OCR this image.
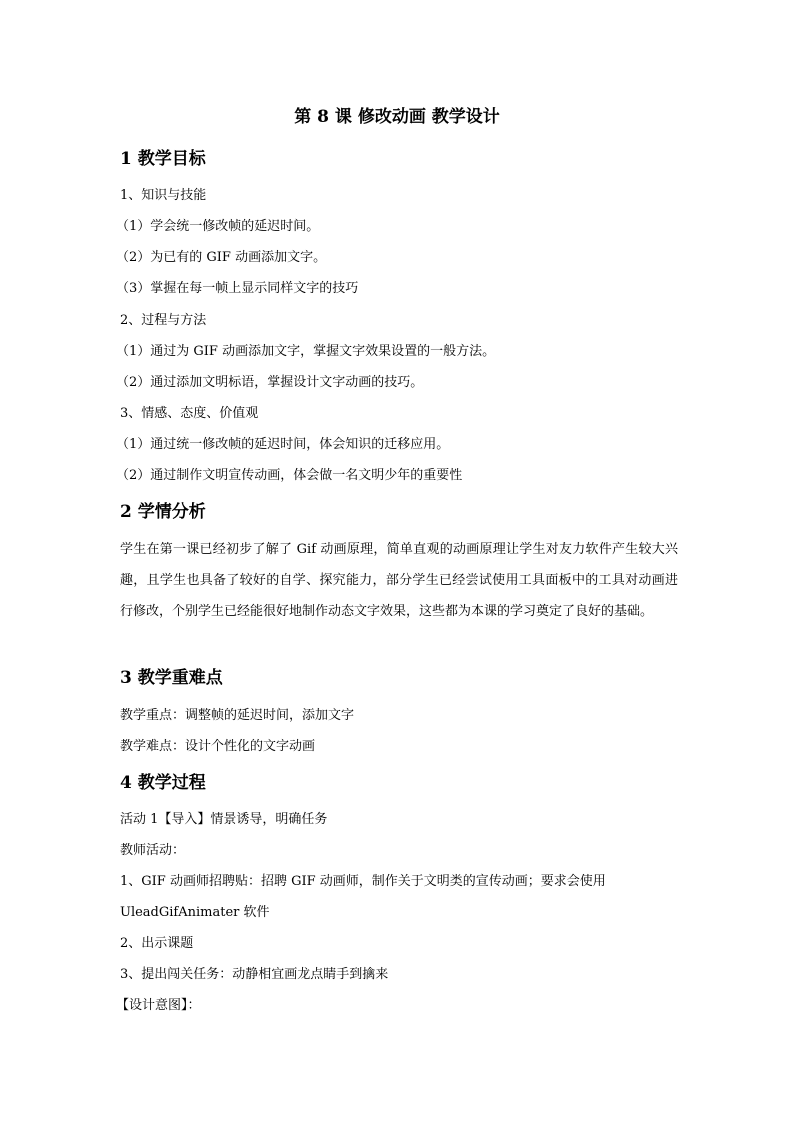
第 8 课 修改动画 教学设计
1 教学目标
1、知识与技能
（1）学会统一修改帧的延迟时间。
（2）为已有的 GIF 动画添加文字。
（3）掌握在每一帧上显示同样文字的技巧
2、过程与方法
（1）通过为 GIF 动画添加文字，掌握文字效果设置的一般方法。
（2）通过添加文明标语，掌握设计文字动画的技巧。
3、情感、态度、价值观
（1）通过统一修改帧的延迟时间，体会知识的迁移应用。
（2）通过制作文明宣传动画，体会做一名文明少年的重要性
2 学情分析
学生在第一课已经初步了解了 Gif 动画原理，简单直观的动画原理让学生对友力软件产生较大兴趣，且学生也具备了较好的自学、探究能力，部分学生已经尝试使用工具面板中的工具对动画进行修改，个别学生已经能很好地制作动态文字效果，这些都为本课的学习奠定了良好的基础。
3 教学重难点
教学重点：调整帧的延迟时间，添加文字
教学难点：设计个性化的文字动画
4 教学过程
活动 1【导入】情景诱导，明确任务
教师活动：
1、GIF 动画师招聘贴：招聘 GIF 动画师，制作关于文明类的宣传动画；要求会使用
UleadGifAnimater 软件
2、出示课题
3、提出闯关任务：动静相宜画龙点睛手到擒来
【设计意图】：
